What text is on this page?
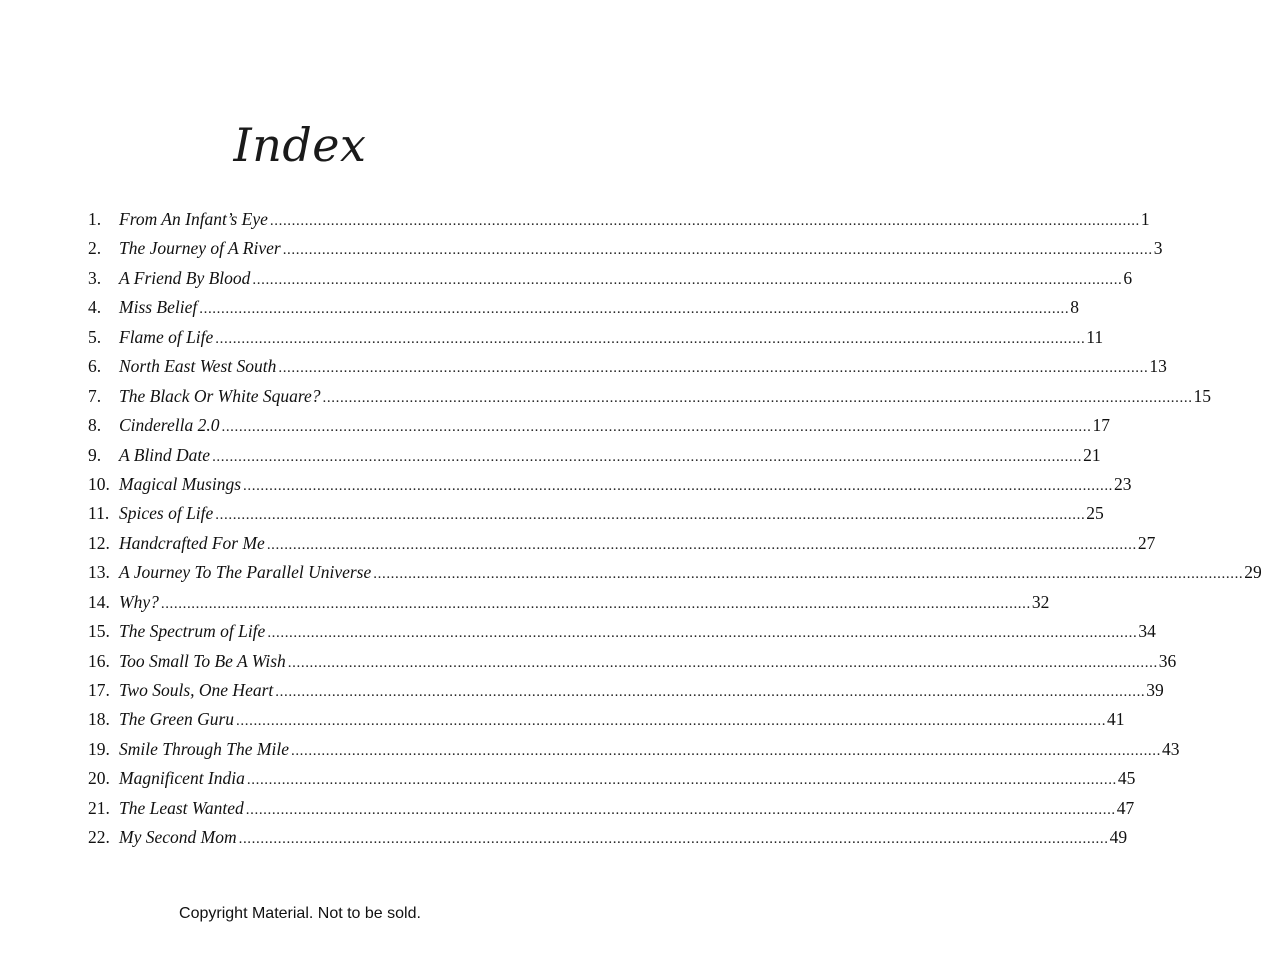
Index
1.	From An Infant’s Eye ........................................................................................................................................................................................................ 1
2.	The Journey of A River ........................................................................................................................................................................................................ 3
3.	A Friend By Blood ........................................................................................................................................................................................................ 6
4.	Miss Belief ........................................................................................................................................................................................................ 8
5.	Flame of Life ........................................................................................................................................................................................................ 11
6.	North East West South ........................................................................................................................................................................................................ 13
7.	The Black Or White Square? ........................................................................................................................................................................................................ 15
8.	Cinderella 2.0 ........................................................................................................................................................................................................ 17
9.	A Blind Date ........................................................................................................................................................................................................ 21
10. Magical Musings ........................................................................................................................................................................................................ 23
11. Spices of Life ........................................................................................................................................................................................................ 25
12. Handcrafted For Me ........................................................................................................................................................................................................ 27
13. A Journey To The Parallel Universe ........................................................................................................................................................................................................ 29
14. Why? ........................................................................................................................................................................................................ 32
15. The Spectrum of Life ........................................................................................................................................................................................................ 34
16. Too Small To Be A Wish ........................................................................................................................................................................................................ 36
17. Two Souls, One Heart ........................................................................................................................................................................................................ 39
18. The Green Guru ........................................................................................................................................................................................................ 41
19. Smile Through The Mile ........................................................................................................................................................................................................ 43
20. Magnificent India ........................................................................................................................................................................................................ 45
21. The Least Wanted ........................................................................................................................................................................................................ 47
22. My Second Mom ........................................................................................................................................................................................................ 49
Copyright Material. Not to be sold.
